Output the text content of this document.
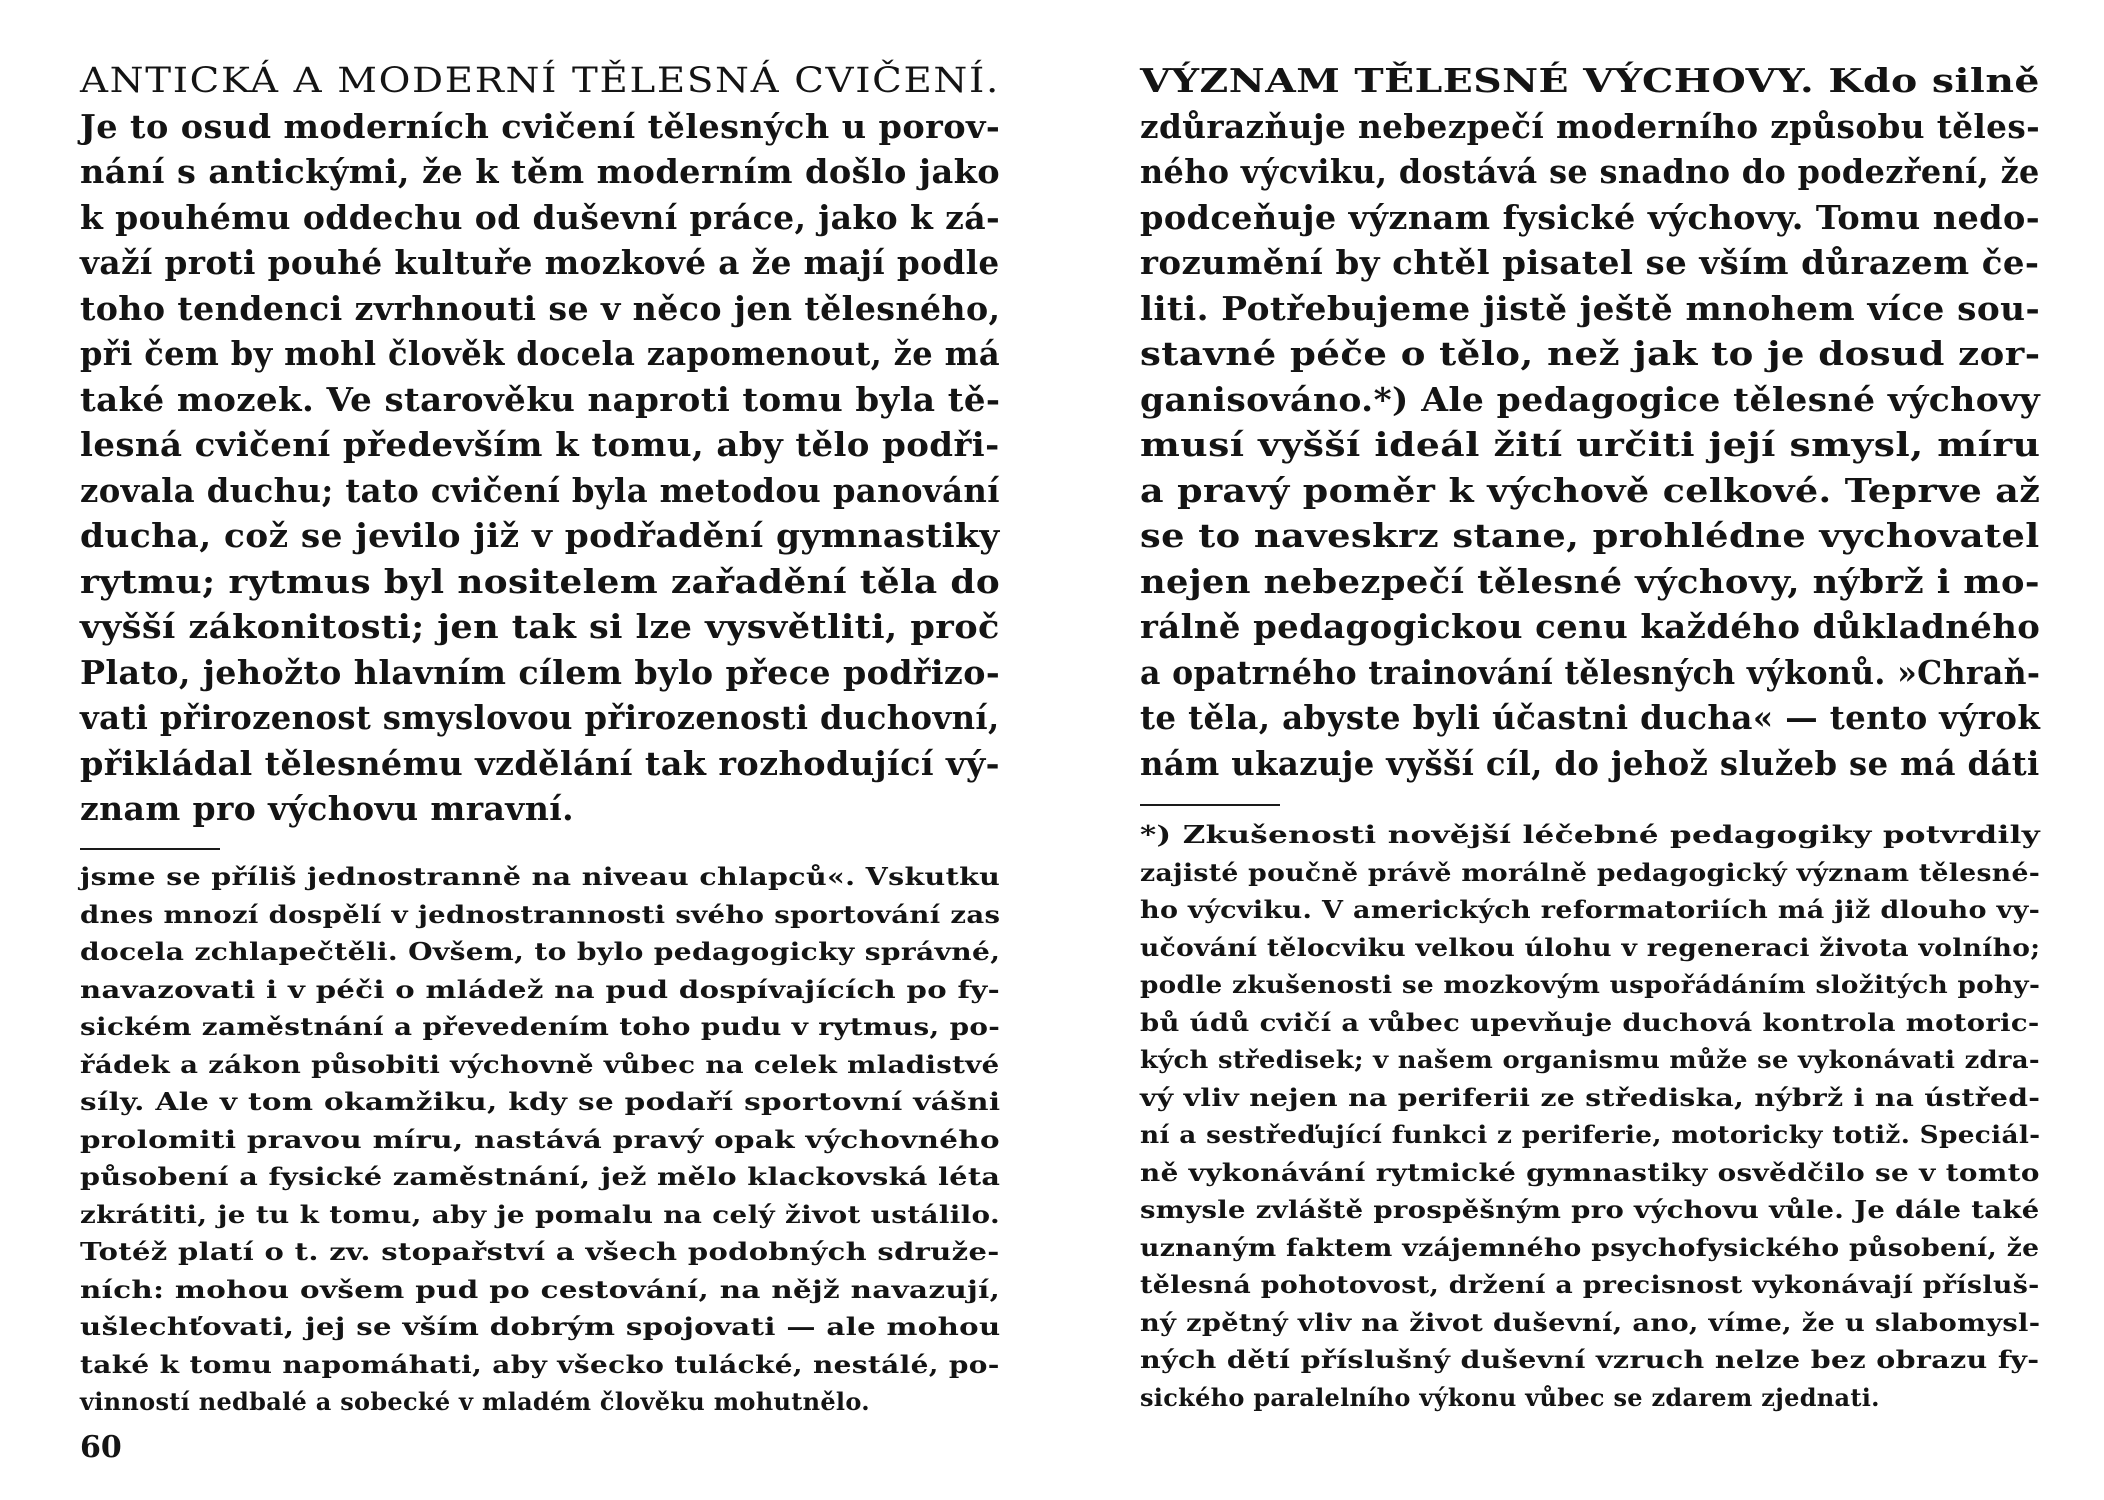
ANTICKÁ A MODERNÍ TĚLESNÁ CVIČENÍ.
Je to osud moderních cvičení tělesných u porov-
nání s antickými, že k těm moderním došlo jako
k pouhému oddechu od duševní práce, jako k zá-
važí proti pouhé kultuře mozkové a že mají podle
toho tendenci zvrhnouti se v něco jen tělesného,
při čem by mohl člověk docela zapomenout, že má
také mozek. Ve starověku naproti tomu byla tě-
lesná cvičení především k tomu, aby tělo podři-
zovala duchu; tato cvičení byla metodou panování
ducha, což se jevilo již v podřadění gymnastiky
rytmu; rytmus byl nositelem zařadění těla do
vyšší zákonitosti; jen tak si lze vysvětliti, proč
Plato, jehožto hlavním cílem bylo přece podřizo-
vati přirozenost smyslovou přirozenosti duchovní,
přikládal tělesnému vzdělání tak rozhodující vý-
znam pro výchovu mravní.
jsme se příliš jednostranně na niveau chlapců«. Vskutku
dnes mnozí dospělí v jednostrannosti svého sportování zas
docela zchlapečtěli. Ovšem, to bylo pedagogicky správné,
navazovati i v péči o mládež na pud dospívajících po fy-
sickém zaměstnání a převedením toho pudu v rytmus, po-
řádek a zákon působiti výchovně vůbec na celek mladistvé
síly. Ale v tom okamžiku, kdy se podaří sportovní vášni
prolomiti pravou míru, nastává pravý opak výchovného
působení a fysické zaměstnání, jež mělo klackovská léta
zkrátiti, je tu k tomu, aby je pomalu na celý život ustálilo.
Totéž platí o t. zv. stopařství a všech podobných sdruže-
ních: mohou ovšem pud po cestování, na nějž navazují,
ušlechťovati, jej se vším dobrým spojovati — ale mohou
také k tomu napomáhati, aby všecko tulácké, nestálé, po-
vinností nedbalé a sobecké v mladém člověku mohutnělo.
60
VÝZNAM TĚLESNÉ VÝCHOVY. Kdo silně
zdůrazňuje nebezpečí moderního způsobu těles-
ného výcviku, dostává se snadno do podezření, že
podceňuje význam fysické výchovy. Tomu nedo-
rozumění by chtěl pisatel se vším důrazem če-
liti. Potřebujeme jistě ještě mnohem více sou-
stavné péče o tělo, než jak to je dosud zor-
ganisováno.*) Ale pedagogice tělesné výchovy
musí vyšší ideál žití určiti její smysl, míru
a pravý poměr k výchově celkové. Teprve až
se to naveskrz stane, prohlédne vychovatel
nejen nebezpečí tělesné výchovy, nýbrž i mo-
rálně pedagogickou cenu každého důkladného
a opatrného trainování tělesných výkonů. »Chraň-
te těla, abyste byli účastni ducha« — tento výrok
nám ukazuje vyšší cíl, do jehož služeb se má dáti
*) Zkušenosti novější léčebné pedagogiky potvrdily
zajisté poučně právě morálně pedagogický význam tělesné-
ho výcviku. V amerických reformatoriích má již dlouho vy-
učování tělocviku velkou úlohu v regeneraci života volního;
podle zkušenosti se mozkovým uspořádáním složitých pohy-
bů údů cvičí a vůbec upevňuje duchová kontrola motoric-
kých středisek; v našem organismu může se vykonávati zdra-
vý vliv nejen na periferii ze střediska, nýbrž i na ústřed-
ní a sestřeďující funkci z periferie, motoricky totiž. Speciál-
ně vykonávání rytmické gymnastiky osvědčilo se v tomto
smysle zvláště prospěšným pro výchovu vůle. Je dále také
uznaným faktem vzájemného psychofysického působení, že
tělesná pohotovost, držení a precisnost vykonávají přísluš-
ný zpětný vliv na život duševní, ano, víme, že u slabomysl-
ných dětí příslušný duševní vzruch nelze bez obrazu fy-
sického paralelního výkonu vůbec se zdarem zjednati.
